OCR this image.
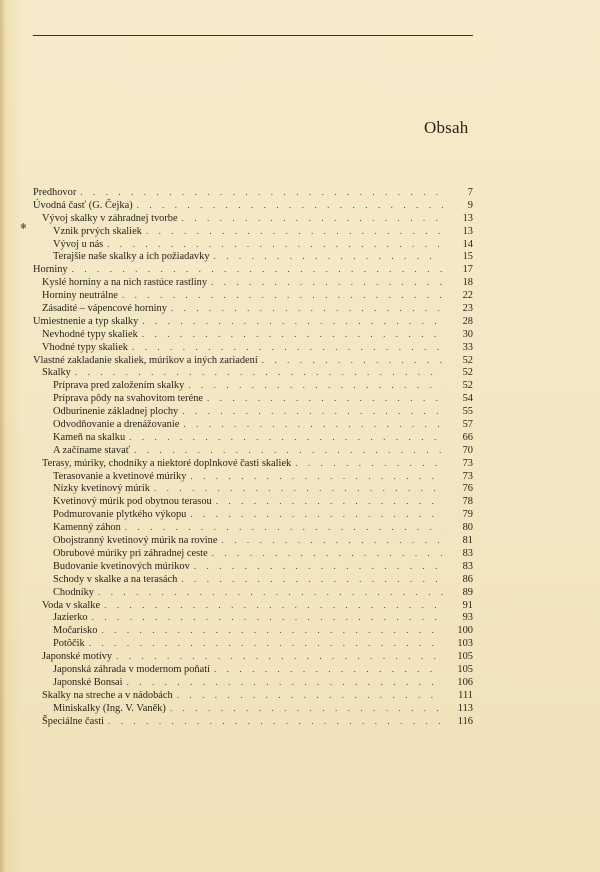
✱
Obsah
Predhovor . . .	7
Úvodná časť (G. Čejka) . . .	9
Vývoj skalky v záhradnej tvorbe . . .	13
Vznik prvých skaliek . . .	13
Vývoj u nás . . .	14
Terajšie naše skalky a ich požiadavky . . .	15
Horniny . . .	17
Kyslé horniny a na nich rastúce rastliny . . .	18
Horniny neutrálne . . .	22
Zásadité – vápencové horniny . . .	23
Umiestnenie a typ skalky . . .	28
Nevhodné typy skaliek . . .	30
Vhodné typy skaliek . . .	33
Vlastné zakladanie skaliek, múrikov a iných zariadení . . .	52
Skalky . . .	52
Príprava pred založením skalky . . .	52
Príprava pôdy na svahovitom teréne . . .	54
Odburinenie základnej plochy . . .	55
Odvodňovanie a drenážovanie . . .	57
Kameň na skalku . . .	66
A začíname stavať . . .	70
Terasy, múriky, chodníky a niektoré doplnkové časti skaliek . . .	73
Terasovanie a kvetinové múriky . . .	73
Nízky kvetinový múrik . . .	76
Kvetinový múrik pod obytnou terasou . . .	78
Podmurovanie plytkého výkopu . . .	79
Kamenný záhon . . .	80
Obojstranný kvetinový múrik na rovine . . .	81
Obrubové múriky pri záhradnej ceste . . .	83
Budovanie kvetinových múrikov . . .	83
Schody v skalke a na terasách . . .	86
Chodníky . . .	89
Voda v skalke . . .	91
Jazierko . . .	93
Močarisko . . .	100
Potôčik . . .	103
Japonské motívy . . .	105
Japonská záhrada v modernom poňatí . . .	105
Japonské Bonsai . . .	106
Skalky na streche a v nádobách . . .	111
Miniskalky (Ing. V. Vaněk) . . .	113
Špeciálne časti . . .	116
